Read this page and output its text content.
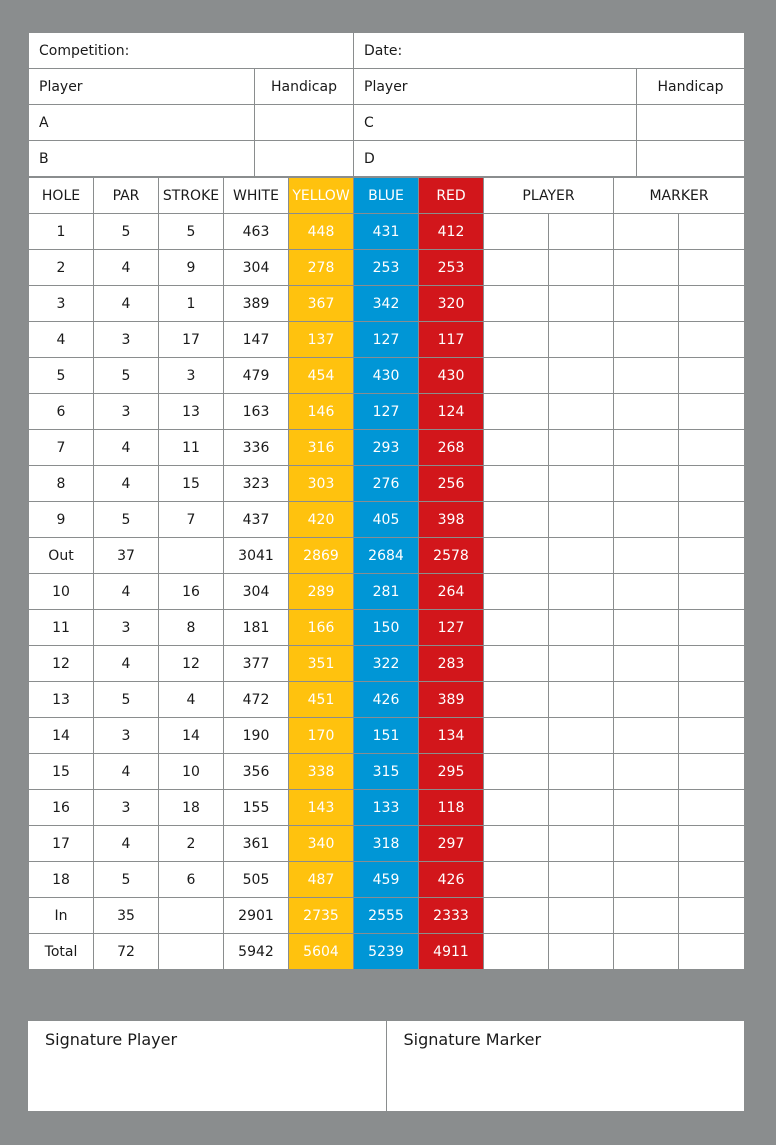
Competition:		Date:	
Player	Handicap	Player	Handicap
A		C	
B		D	
HOLE	PAR	STROKE	WHITE	YELLOW	BLUE	RED	PLAYER		MARKER	
1	5	5	463	448	431	412				
2	4	9	304	278	253	253				
3	4	1	389	367	342	320				
4	3	17	147	137	127	117				
5	5	3	479	454	430	430				
6	3	13	163	146	127	124				
7	4	11	336	316	293	268				
8	4	15	323	303	276	256				
9	5	7	437	420	405	398				
Out	37		3041	2869	2684	2578				
10	4	16	304	289	281	264				
11	3	8	181	166	150	127				
12	4	12	377	351	322	283				
13	5	4	472	451	426	389				
14	3	14	190	170	151	134				
15	4	10	356	338	315	295				
16	3	18	155	143	133	118				
17	4	2	361	340	318	297				
18	5	6	505	487	459	426				
In	35		2901	2735	2555	2333				
Total	72		5942	5604	5239	4911				
Signature Player	Signature Marker
